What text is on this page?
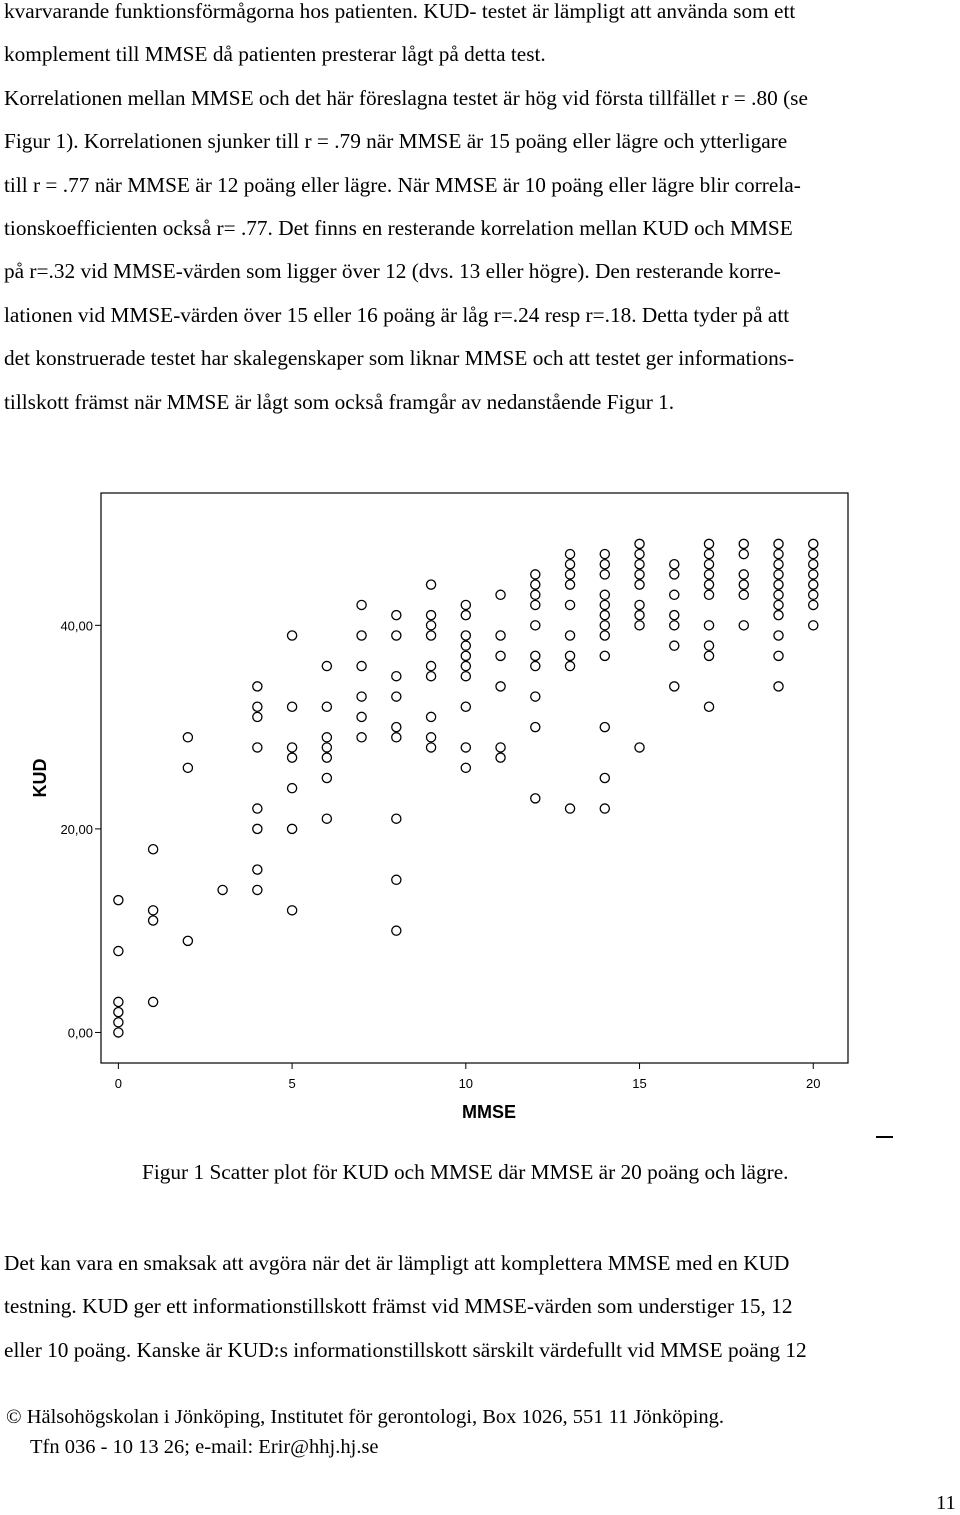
kvarvarande funktionsförmågorna hos patienten. KUD- testet är lämpligt att använda som ett
komplement till MMSE då patienten presterar lågt på detta test.
Korrelationen mellan MMSE och det här föreslagna testet är hög vid första tillfället r = .80 (se
Figur 1). Korrelationen sjunker till r = .79 när MMSE är 15 poäng eller lägre och ytterligare
till r = .77 när MMSE är 12 poäng eller lägre. När MMSE är 10 poäng eller lägre blir correla-
tionskoefficienten också r= .77. Det finns en resterande korrelation mellan KUD och MMSE
på r=.32 vid MMSE-värden som ligger över 12 (dvs. 13 eller högre). Den resterande korre-
lationen vid MMSE-värden över 15 eller 16 poäng är låg r=.24 resp r=.18. Detta tyder på att
det konstruerade testet har skalegenskaper som liknar MMSE och att testet ger informations-
tillskott främst när MMSE är lågt som också framgår av nedanstående Figur 1.
0,00
20,00
40,00
0	5	10	15	20
MMSE
KUD
Figur 1 Scatter plot för KUD och MMSE där MMSE är 20 poäng och lägre.
Det kan vara en smaksak att avgöra när det är lämpligt att komplettera MMSE med en KUD
testning. KUD ger ett informationstillskott främst vid MMSE-värden som understiger 15, 12
eller 10 poäng. Kanske är KUD:s informationstillskott särskilt värdefullt vid MMSE poäng 12
© Hälsohögskolan i Jönköping, Institutet för gerontologi, Box 1026, 551 11 Jönköping.
Tfn 036 - 10 13 26; e-mail: Erir@hhj.hj.se
11
